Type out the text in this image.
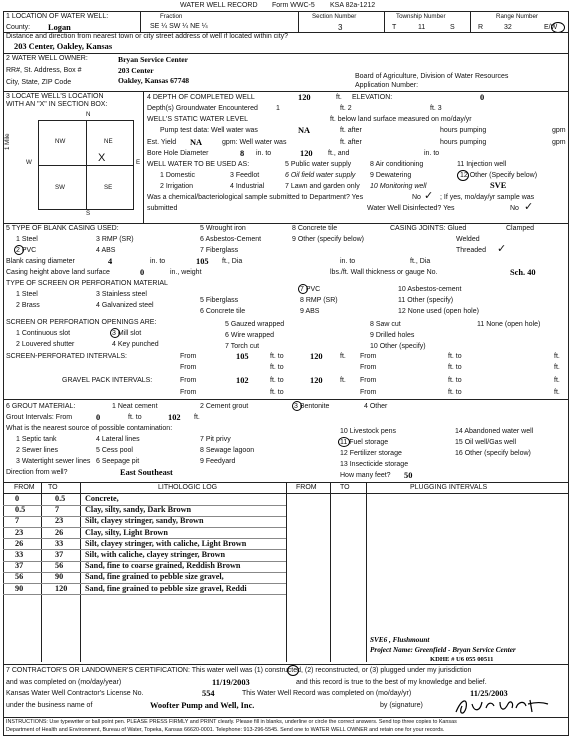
WATER WELL RECORD Form WWC-5 KSA 82a-1212
1 LOCATION OF WATER WELL:
County: Logan
Fraction
SE ¼ SW ¼ NE ¼
Section Number
3
Township Number
T	11	S
Range Number
R	32	E/W
Distance and direction from nearest town or city street address of well if located within city?
203 Center, Oakley, Kansas
2 WATER WELL OWNER:	Bryan Service Center
RR#, St. Address, Box #	203 Center
City, State, ZIP Code	Oakley, Kansas 67748	Board of Agriculture, Division of Water Resources
Application Number:
3 LOCATE WELL'S LOCATION
WITH AN "X" IN SECTION BOX:
N
S
W	E
1 Mile	NW	NE
SW	SE
X
4 DEPTH OF COMPLETED WELL	120	ft. ELEVATION:	0
Depth(s) Groundwater Encountered	1	ft. 2	ft. 3
WELL'S STATIC WATER LEVEL	ft. below land surface measured on mo/day/yr
Pump test data: Well water was	NA	ft. after	hours pumping	gpm
Est. Yield NA	gpm: Well water was	ft. after	hours pumping	gpm
Bore Hole Diameter	8 in. to	120 ft., and	in. to
WELL WATER TO BE USED AS:	5 Public water supply	8 Air conditioning	11 Injection well
1 Domestic	3 Feedlot	6 Oil field water supply 9 Dewatering	12 Other (Specify below)
2 Irrigation	4 Industrial	7 Lawn and garden only 10 Monitoring well	SVE
Was a chemical/bacteriological sample submitted to Department? Yes	No ✓ ; If yes, mo/day/yr sample was
submitted	Water Well Disinfected? Yes	No ✓
5 TYPE OF BLANK CASING USED:	5 Wrought iron	8 Concrete tile	CASING JOINTS: Glued	Clamped
1 Steel	3 RMP (SR)	6 Asbestos-Cement	9 Other (specify below)	Welded
2 PVC	4 ABS	7 Fiberglass	Threaded ✓
Blank casing diameter	4	in. to	105 ft., Dia	in. to	ft., Dia
Casing height above land surface	0	in., weight	lbs./ft. Wall thickness or gauge No.	Sch. 40
TYPE OF SCREEN OR PERFORATION MATERIAL
1 Steel	3 Stainless steel
5 Fiberglass
7 PVC	10 Asbestos-cement
2 Brass	4 Galvanized steel
6 Concrete tile
8 RMP (SR)	11 Other (specify)
9 ABS	12 None used (open hole)
SCREEN OR PERFORATION OPENINGS ARE:
1 Continuous slot	3 Mill slot
5 Gauzed wrapped
6 Wire wrapped
8 Saw cut
9 Drilled holes
11 None (open hole)
2 Louvered shutter	4 Key punched	7 Torch cut	10 Other (specify)
SCREEN-PERFORATED INTERVALS:	From	105	ft. to	120 ft. From	ft. to	ft.
From	ft. to	From	ft. to	ft.
GRAVEL PACK INTERVALS:	From	102	ft. to	120 ft. From	ft. to	ft.
From	ft. to	From	ft. to	ft.
6 GROUT MATERIAL:	1 Neat cement	2 Cement grout	3 Bentonite	4 Other
Grout Intervals: From	0	ft. to	102 ft.
What is the nearest source of possible contamination:
1 Septic tank	4 Lateral lines	7 Pit privy
10 Livestock pens	14 Abandoned water well
2 Sewer lines	5 Cess pool	8 Sewage lagoon
11 Fuel storage	15 Oil well/Gas well
3 Watertight sewer lines 6 Seepage pit	9 Feedyard
12 Fertilizer storage	16 Other (specify below)
13 Insecticide storage
Direction from well?	East Southeast	How many feet? 50
FROM TO	LITHOLOGIC LOG	FROM	TO	PLUGGING INTERVALS
0	0.5 Concrete,
0.5	7	Clay, silty, sandy, Dark Brown
7	23	Silt, clayey stringer, sandy, Brown
23	26	Clay, silty, Light Brown
26	33	Silt, clayey stringer, with caliche, Light Brown
33	37	Silt, with caliche, clayey stringer, Brown
37	56	Sand, fine to coarse grained, Reddish Brown
56	90	Sand, fine grained to pebble size gravel,
90	120 Sand, fine grained to pebble size gravel, Reddi
SVE6 , Flushmount
Project Name: Greenfield - Bryan Service Center
KDHE # U6 055 00511
7 CONTRACTOR'S OR LANDOWNER'S CERTIFICATION: This water well was (1) constructed, (2) reconstructed, or (3) plugged under my jurisdiction
and was completed on (mo/day/year)	11/19/2003	and this record is true to the best of my knowledge and belief.
Kansas Water Well Contractor's License No.	554	This Water Well Record was completed on (mo/day/yr)	11/25/2003
under the business name of	Woofter Pump and Well, Inc.	by (signature)
INSTRUCTIONS: Use typewriter or ball point pen. PLEASE PRESS FIRMLY and PRINT clearly. Please fill in blanks, underline or circle the correct answers. Send top three copies to Kansas
Department of Health and Environment, Bureau of Water, Topeka, Kansas 66620-0001. Telephone: 913-296-5545. Send one to WATER WELL OWNER and retain one for your records.
